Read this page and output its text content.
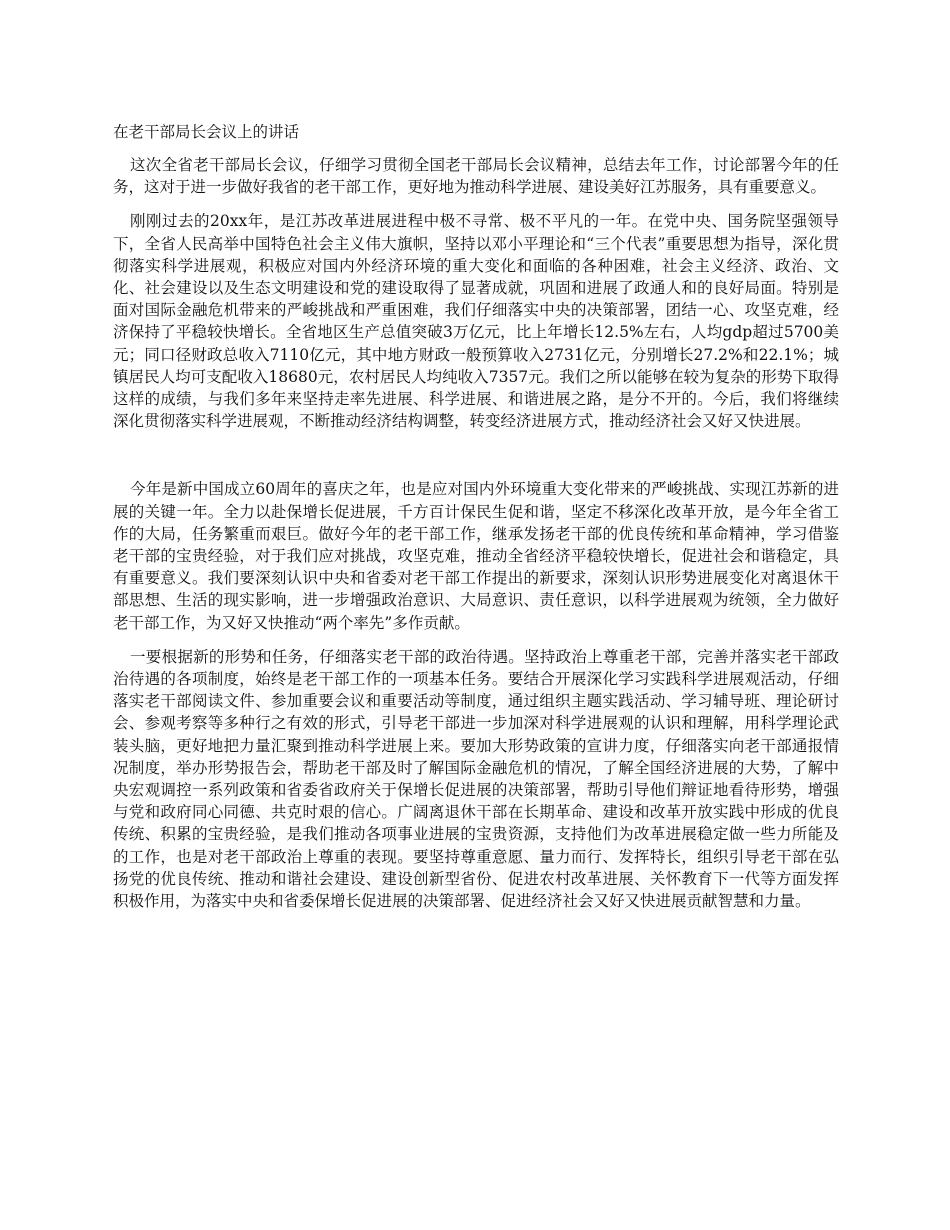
在老干部局长会议上的讲话

这次全省老干部局长会议，仔细学习贯彻全国老干部局长会议精神，总结去年工作，讨论部署今年的任务，这对于进一步做好我省的老干部工作，更好地为推动科学进展、建设美好江苏服务，具有重要意义。

刚刚过去的20xx年，是江苏改革进展进程中极不寻常、极不平凡的一年。在党中央、国务院坚强领导下，全省人民高举中国特色社会主义伟大旗帜，坚持以邓小平理论和“三个代表”重要思想为指导，深化贯彻落实科学进展观，积极应对国内外经济环境的重大变化和面临的各种困难，社会主义经济、政治、文化、社会建设以及生态文明建设和党的建设取得了显著成就，巩固和进展了政通人和的良好局面。特别是面对国际金融危机带来的严峻挑战和严重困难，我们仔细落实中央的决策部署，团结一心、攻坚克难，经济保持了平稳较快增长。全省地区生产总值突破3万亿元，比上年增长12.5%左右，人均gdp超过5700美元；同口径财政总收入7110亿元，其中地方财政一般预算收入2731亿元，分别增长27.2%和22.1%；城镇居民人均可支配收入18680元，农村居民人均纯收入7357元。我们之所以能够在较为复杂的形势下取得这样的成绩，与我们多年来坚持走率先进展、科学进展、和谐进展之路，是分不开的。今后，我们将继续深化贯彻落实科学进展观，不断推动经济结构调整，转变经济进展方式，推动经济社会又好又快进展。

今年是新中国成立60周年的喜庆之年，也是应对国内外环境重大变化带来的严峻挑战、实现江苏新的进展的关键一年。全力以赴保增长促进展，千方百计保民生促和谐，坚定不移深化改革开放，是今年全省工作的大局，任务繁重而艰巨。做好今年的老干部工作，继承发扬老干部的优良传统和革命精神，学习借鉴老干部的宝贵经验，对于我们应对挑战，攻坚克难，推动全省经济平稳较快增长，促进社会和谐稳定，具有重要意义。我们要深刻认识中央和省委对老干部工作提出的新要求，深刻认识形势进展变化对离退休干部思想、生活的现实影响，进一步增强政治意识、大局意识、责任意识，以科学进展观为统领，全力做好老干部工作，为又好又快推动“两个率先”多作贡献。

一要根据新的形势和任务，仔细落实老干部的政治待遇。坚持政治上尊重老干部，完善并落实老干部政治待遇的各项制度，始终是老干部工作的一项基本任务。要结合开展深化学习实践科学进展观活动，仔细落实老干部阅读文件、参加重要会议和重要活动等制度，通过组织主题实践活动、学习辅导班、理论研讨会、参观考察等多种行之有效的形式，引导老干部进一步加深对科学进展观的认识和理解，用科学理论武装头脑，更好地把力量汇聚到推动科学进展上来。要加大形势政策的宣讲力度，仔细落实向老干部通报情况制度，举办形势报告会，帮助老干部及时了解国际金融危机的情况，了解全国经济进展的大势，了解中央宏观调控一系列政策和省委省政府关于保增长促进展的决策部署，帮助引导他们辩证地看待形势，增强与党和政府同心同德、共克时艰的信心。广阔离退休干部在长期革命、建设和改革开放实践中形成的优良传统、积累的宝贵经验，是我们推动各项事业进展的宝贵资源，支持他们为改革进展稳定做一些力所能及的工作，也是对老干部政治上尊重的表现。要坚持尊重意愿、量力而行、发挥特长，组织引导老干部在弘扬党的优良传统、推动和谐社会建设、建设创新型省份、促进农村改革进展、关怀教育下一代等方面发挥积极作用，为落实中央和省委保增长促进展的决策部署、促进经济社会又好又快进展贡献智慧和力量。
